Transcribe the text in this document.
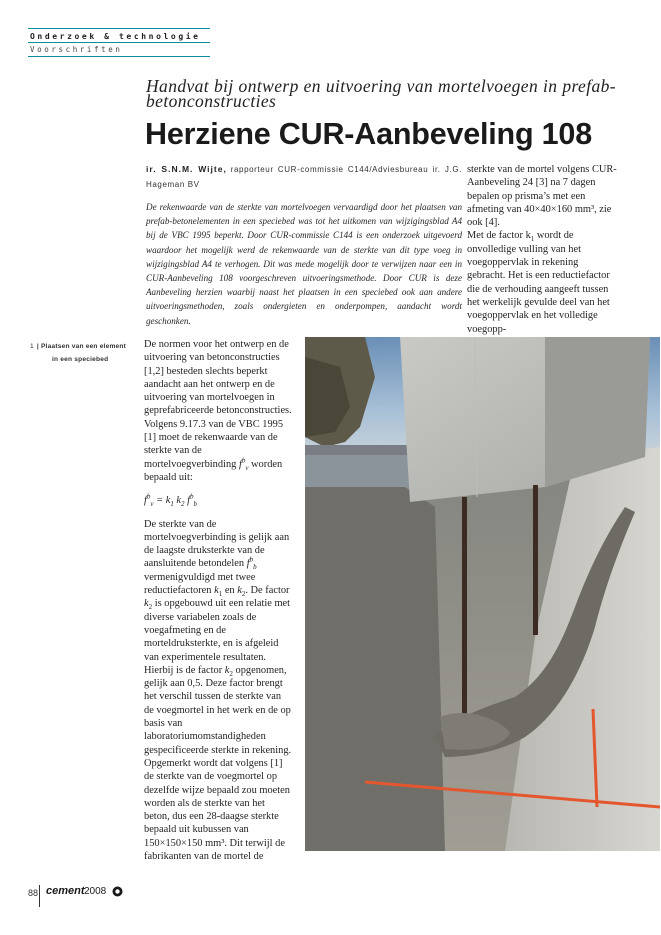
Onderzoek & technologie
Voorschriften
Handvat bij ontwerp en uitvoering van mortelvoegen in prefab-betonconstructies
Herziene CUR-Aanbeveling 108
ir. S.N.M. Wijte, rapporteur CUR-commissie C144/Adviesbureau ir. J.G. Hageman BV
De rekenwaarde van de sterkte van mortelvoegen vervaardigd door het plaatsen van prefab-betonelementen in een speciebed was tot het uitkomen van wijzigingsblad A4 bij de VBC 1995 beperkt. Door CUR-commissie C144 is een onderzoek uitgevoerd waardoor het mogelijk werd de rekenwaarde van de sterkte van dit type voeg in wijzigingsblad A4 te verhogen. Dit was mede mogelijk door te verwijzen naar een in CUR-Aanbeveling 108 voorgeschreven uitvoeringsmethode. Door CUR is deze Aanbeveling herzien waarbij naast het plaatsen in een speciebed ook aan andere uitvoeringsmethoden, zoals ondergieten en onderpompen, aandacht wordt geschonken.

sterkte van de mortel volgens CUR-Aanbeveling 24 [3] na 7 dagen bepalen op prisma’s met een afmeting van 40×40×160 mm³, zie ook [4].

Met de factor $k_1$ wordt de onvolledige vulling van het voegoppervlak in rekening gebracht. Het is een reductiefactor die de verhouding aangeeft tussen het werkelijk gevulde deel van het voegoppervlak en het volledige voegopp-

1 | Plaatsen van een element
in een speciebed

De normen voor het ontwerp en de uitvoering van betonconstructies [1,2] besteden slechts beperkt aandacht aan het ontwerp en de uitvoering van mortelvoegen in geprefabriceerde betonconstructies.

Volgens 9.17.3 van de VBC 1995 [1] moet de rekenwaarde van de sterkte van de mortelvoegverbinding $f^b_v$ worden bepaald uit:

$f^b_v = k_1$ $k_2$ $f^b_b$

De sterkte van de mortelvoegverbinding is gelijk aan de laagste druksterkte van de aansluitende betondelen $f^b_b$ vermenigvuldigd met twee reductiefactoren $k_1$ en $k_2$. De factor $k_2$ is opgebouwd uit een relatie met diverse variabelen zoals de voegafmeting en de morteldruksterkte, en is afgeleid van experimentele resultaten. Hierbij is de factor $k_2$ opgenomen, gelijk aan 0,5. Deze factor brengt het verschil tussen de sterkte van de voegmortel in het werk en de op basis van laboratoriumomstandigheden gespecificeerde sterkte in rekening. Opgemerkt wordt dat volgens [1] de sterkte van de voegmortel op dezelfde wijze bepaald zou moeten worden als de sterkte van het beton, dus een 28-daagse sterkte bepaald uit kubussen van 150×150×150 mm³. Dit terwijl de fabrikanten van de mortel de

88 cement 2008
